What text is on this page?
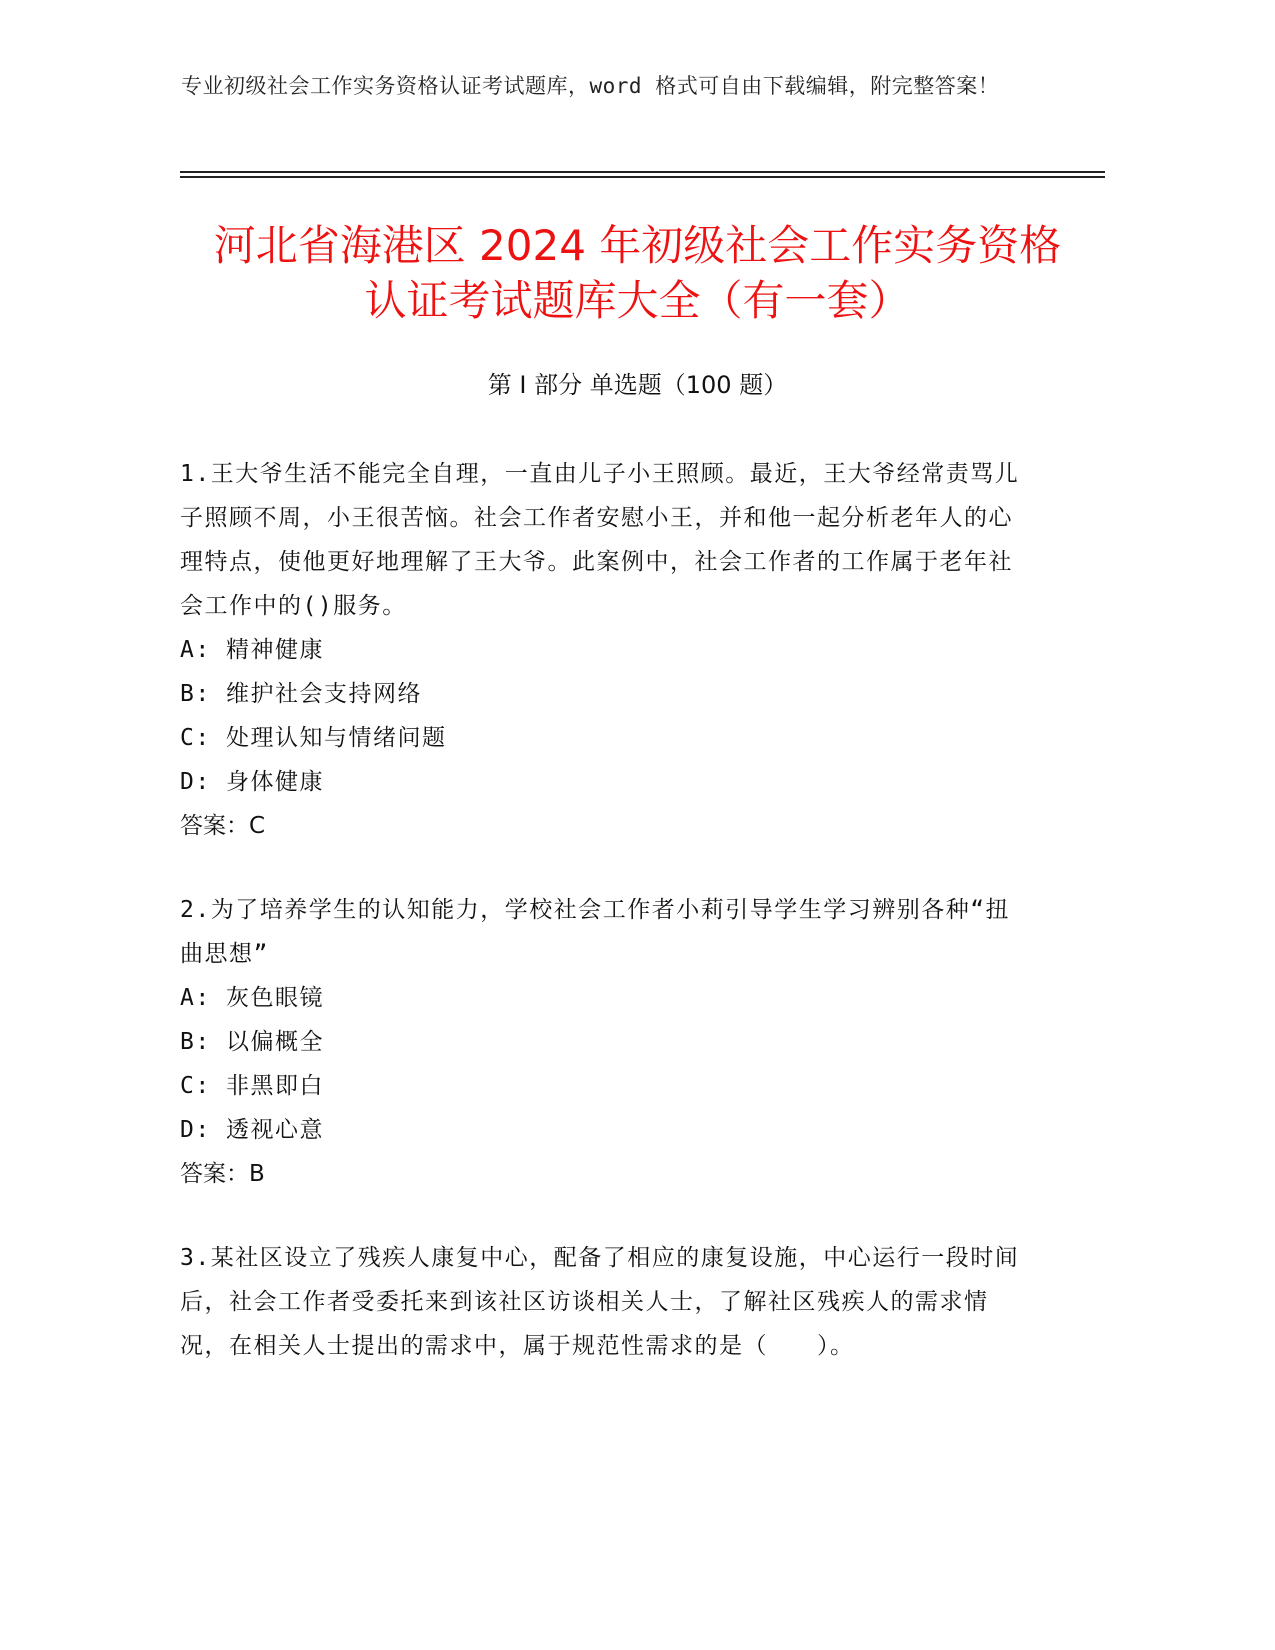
专业初级社会工作实务资格认证考试题库，word 格式可自由下载编辑，附完整答案！
河北省海港区 2024 年初级社会工作实务资格
认证考试题库大全（有一套）
第 I 部分 单选题（100 题）

1.王大爷生活不能完全自理，一直由儿子小王照顾。最近，王大爷经常责骂儿子照顾不周，小王很苦恼。社会工作者安慰小王，并和他一起分析老年人的心理特点，使他更好地理解了王大爷。此案例中，社会工作者的工作属于老年社会工作中的()服务。

A: 精神健康

B: 维护社会支持网络

C: 处理认知与情绪问题

D: 身体健康

答案：C

2.为了培养学生的认知能力，学校社会工作者小莉引导学生学习辨别各种“扭曲思想”

A: 灰色眼镜

B: 以偏概全

C: 非黑即白

D: 透视心意

答案：B

3.某社区设立了残疾人康复中心，配备了相应的康复设施，中心运行一段时间后，社会工作者受委托来到该社区访谈相关人士，了解社区残疾人的需求情况，在相关人士提出的需求中，属于规范性需求的是（　　）。
